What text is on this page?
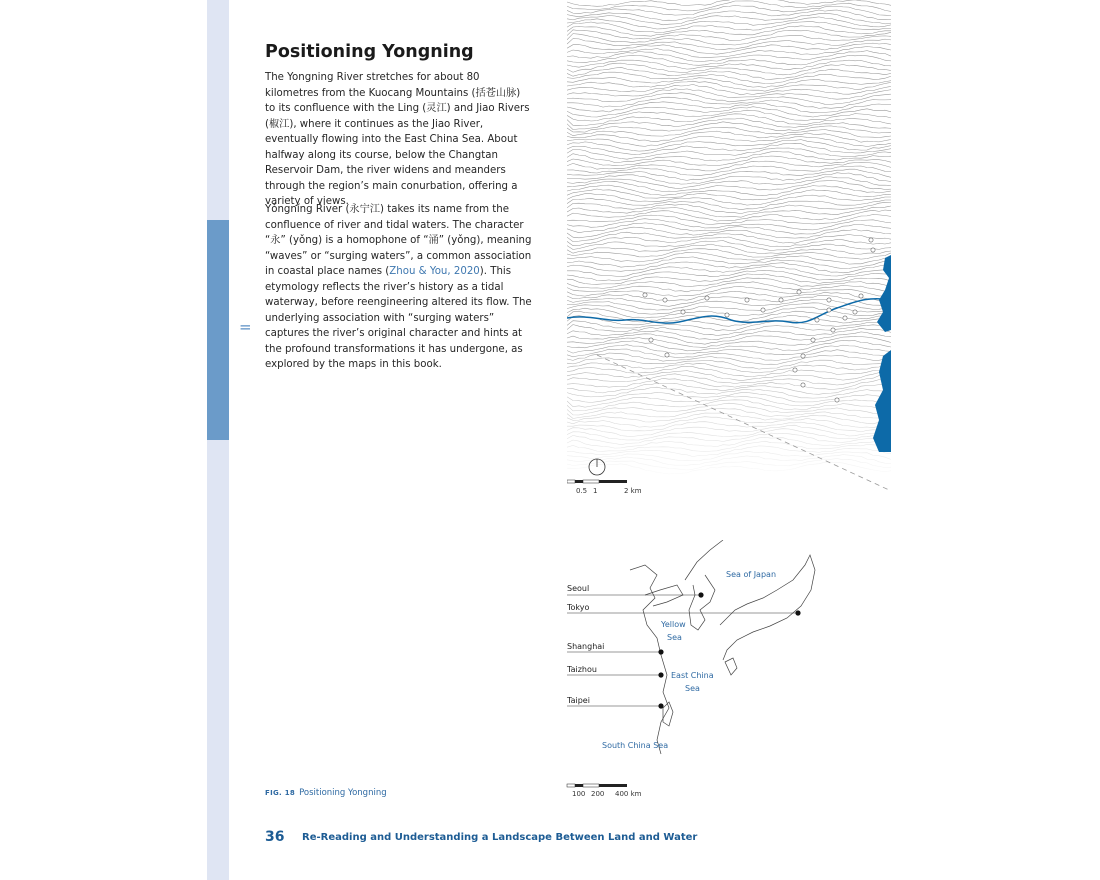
=
Positioning Yongning

The Yongning River stretches for about 80 kilometres from the Kuocang Mountains (括苍山脉) to its confluence with the Ling (灵江) and Jiao Rivers (椒江), where it continues as the Jiao River, eventually flowing into the East China Sea. About halfway along its course, below the Changtan Reservoir Dam, the river widens and meanders through the region’s main conurbation, offering a variety of views.

Yǒngníng River (永宁江) takes its name from the confluence of river and tidal waters. The character “永” (yǒng) is a homophone of “涌” (yǒng), meaning “waves” or “surging waters”, a common association in coastal place names (Zhou & You, 2020). This etymology reflects the river’s history as a tidal waterway, before reengineering altered its flow. The underlying association with “surging waters” captures the river’s original character and hints at the profound transformations it has undergone, as explored by the maps in this book.

0.5 1	2 km
Seoul
Tokyo
Shanghai
Taizhou
Taipei
Sea of Japan
Yellow
Sea
East China
Sea
South China Sea
100 200 400 km
FIG. 18 Positioning Yongning
36 Re-Reading and Understanding a Landscape Between Land and Water
